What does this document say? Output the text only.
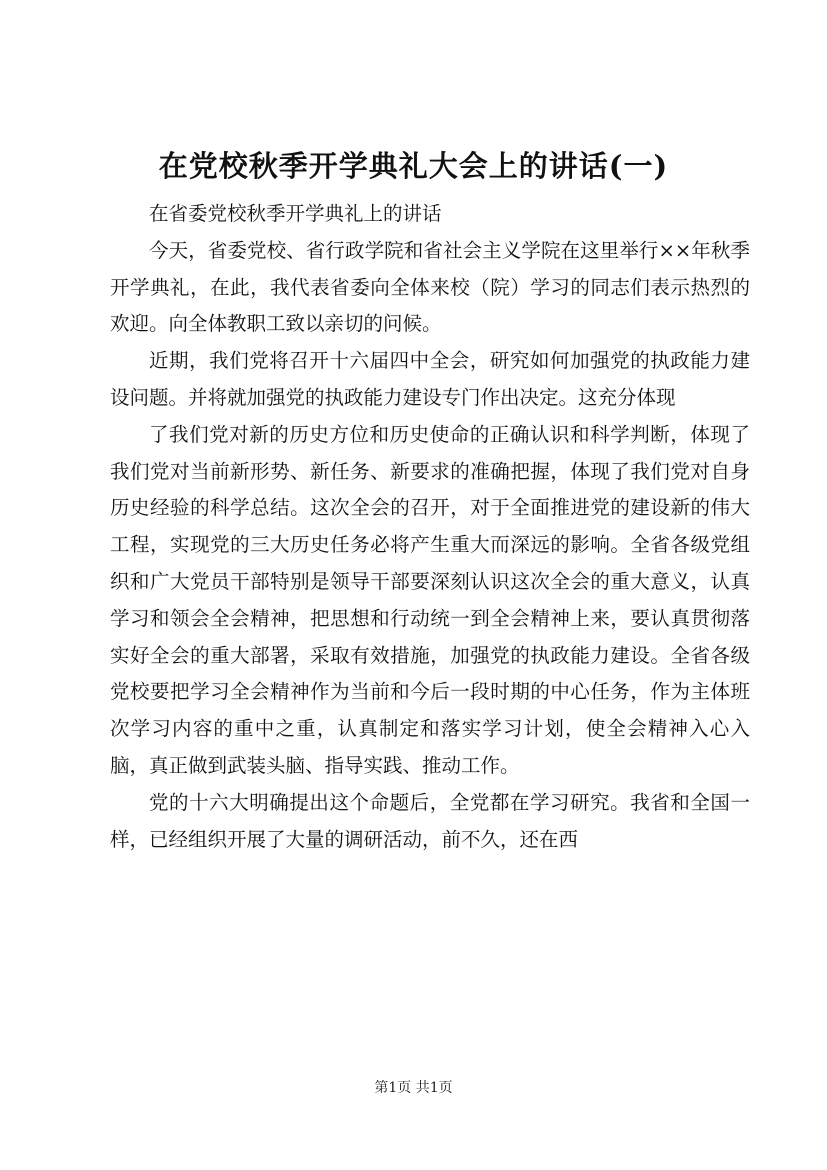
在党校秋季开学典礼大会上的讲话(一)

在省委党校秋季开学典礼上的讲话

今天，省委党校、省行政学院和省社会主义学院在这里举行××年秋季开学典礼，在此，我代表省委向全体来校（院）学习的同志们表示热烈的欢迎。向全体教职工致以亲切的问候。

近期，我们党将召开十六届四中全会，研究如何加强党的执政能力建设问题。并将就加强党的执政能力建设专门作出决定。这充分体现

了我们党对新的历史方位和历史使命的正确认识和科学判断，体现了我们党对当前新形势、新任务、新要求的准确把握，体现了我们党对自身历史经验的科学总结。这次全会的召开，对于全面推进党的建设新的伟大工程，实现党的三大历史任务必将产生重大而深远的影响。全省各级党组织和广大党员干部特别是领导干部要深刻认识这次全会的重大意义，认真学习和领会全会精神，把思想和行动统一到全会精神上来，要认真贯彻落实好全会的重大部署，采取有效措施，加强党的执政能力建设。全省各级党校要把学习全会精神作为当前和今后一段时期的中心任务，作为主体班次学习内容的重中之重，认真制定和落实学习计划，使全会精神入心入脑，真正做到武装头脑、指导实践、推动工作。

党的十六大明确提出这个命题后，全党都在学习研究。我省和全国一样，已经组织开展了大量的调研活动，前不久，还在西

第1页 共1页
